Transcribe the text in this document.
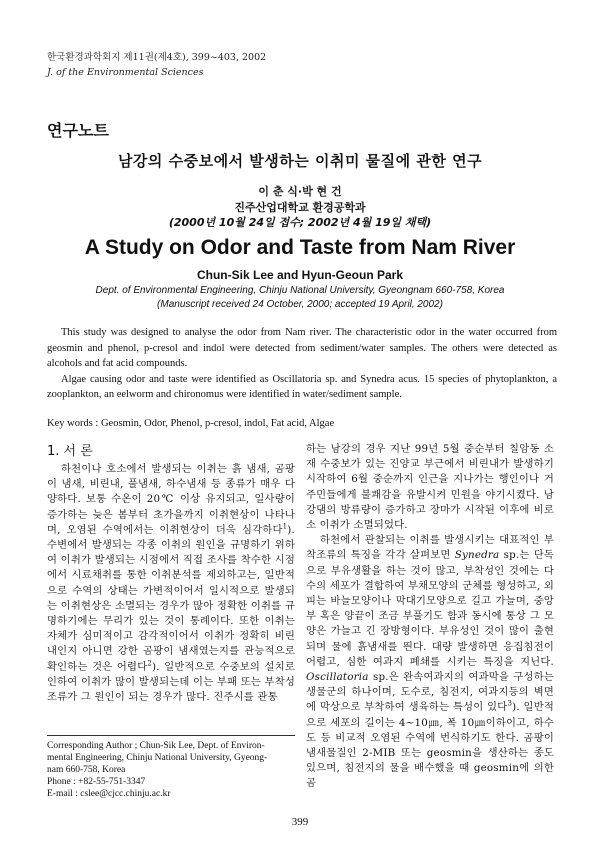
한국환경과학회지 제11권(제4호), 399~403, 2002
J. of the Environmental Sciences
연구노트
남강의 수중보에서 발생하는 이취미 물질에 관한 연구
이 춘 식·박 현 건
진주산업대학교 환경공학과
(2000년 10월 24일 접수; 2002년 4월 19일 채택)
A Study on Odor and Taste from Nam River
Chun-Sik Lee and Hyun-Geoun Park
Dept. of Environmental Engineering, Chinju National University, Gyeongnam 660-758, Korea
(Manuscript received 24 October, 2000; accepted 19 April, 2002)

This study was designed to analyse the odor from Nam river. The characteristic odor in the water occurred from geosmin and phenol, p-cresol and indol were detected from sediment/water samples. The others were detected as alcohols and fat acid compounds.

Algae causing odor and taste were identified as Oscillatoria sp. and Synedra acus. 15 species of phytoplankton, a zooplankton, an eelworm and chironomus were identified in water/sediment sample.

Key words : Geosmin, Odor, Phenol, p-cresol, indol, Fat acid, Algae
1. 서 론

하천이나 호소에서 발생되는 이취는 흙 냄새, 곰팡이 냄새, 비린내, 풀냄새, 하수냄새 등 종류가 매우 다양하다. 보통 수온이 20℃ 이상 유지되고, 일사량이 증가하는 늦은 봄부터 초가을까지 이취현상이 나타나며, 오염된 수역에서는 이취현상이 더욱 심각하다$^1$). 수변에서 발생되는 각종 이취의 원인을 규명하기 위하여 이취가 발생되는 시점에서 직접 조사를 착수한 시점에서 시료채취를 통한 이취분석를 제외하고는, 일반적으로 수역의 상태는 가변적이어서 일시적으로 발생되는 이취현상은 소멸되는 경우가 많아 정확한 이취를 규명하기에는 무리가 있는 것이 통례이다. 또한 이취는 자체가 심미적이고 감각적이어서 이취가 정확히 비린내인지 아니면 강한 곰팡이 냄새였는지를 관능적으로 확인하는 것은 어렵다$^2$). 일반적으로 수중보의 설치로 인하여 이취가 많이 발생되는데 이는 부패 또는 부착성 조류가 그 원인이 되는 경우가 많다. 진주시를 관통

하는 남강의 경우 지난 99년 5월 중순부터 칠암동 소재 수중보가 있는 진양교 부근에서 비린내가 발생하기 시작하여 6월 중순까지 인근을 지나가는 행인이나 거주민들에게 불쾌감을 유발시켜 민원을 야기시켰다. 남강댐의 방류량이 증가하고 장마가 시작된 이후에 비로소 이취가 소멸되었다.

하천에서 관찰되는 이취를 발생시키는 대표적인 부착조류의 특징을 각각 살펴보면 Synedra sp.는 단독으로 부유생활을 하는 것이 많고, 부착성인 것에는 다수의 세포가 결합하여 부채모양의 군체를 형성하고, 외피는 바늘모양이나 막대기모양으로 길고 가늘며, 중앙부 혹은 양끝이 조금 부풀기도 함과 동시에 통상 그 모양은 가늘고 긴 장방형이다. 부유성인 것이 많이 출현되며 물에 흙냄새를 띈다. 대량 발생하면 응집침전이 어렵고, 심한 여과지 폐쇄를 시키는 특징을 지닌다. Oscillatoria sp.은 완속여과지의 여과막을 구성하는 생물군의 하나이며, 도수로, 침전지, 여과지등의 벽면에 막상으로 부착하여 생육하는 특성이 있다$^3$). 일반적으로 세포의 길이는 4~10㎛, 폭 10㎛이하이고, 하수도 등 비교적 오염된 수역에 번식하기도 한다. 곰팡이 냄새물질인 2-MIB 또는 geosmin을 생산하는 종도 있으며, 침전지의 물을 배수했을 때 geosmin에 의한 곰

Corresponding Author ; Chun-Sik Lee, Dept. of Environ-
mental Engineering, Chinju National University, Gyeong-
nam 660-758, Korea
Phone : +82-55-751-3347
E-mail : cslee@cjcc.chinju.ac.kr
399
